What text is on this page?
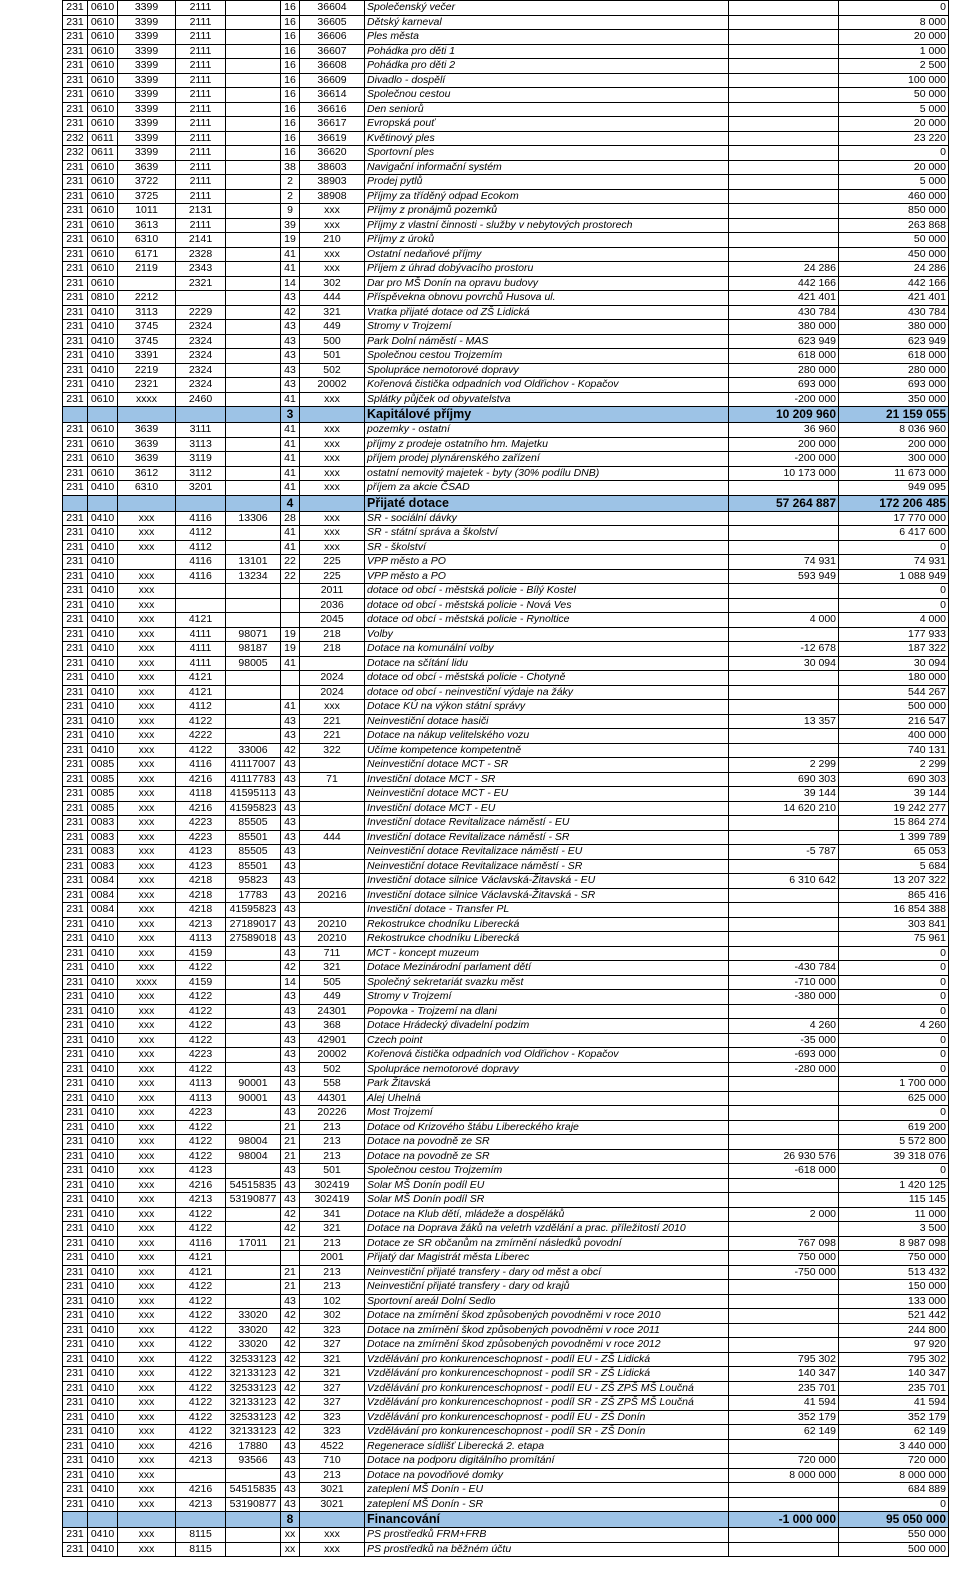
231	0610	3399	2111		16	36604	Společenský večer		0
231	0610	3399	2111		16	36605	Dětský karneval		8 000
231	0610	3399	2111		16	36606	Ples města		20 000
231	0610	3399	2111		16	36607	Pohádka pro děti 1		1 000
231	0610	3399	2111		16	36608	Pohádka pro děti 2		2 500
231	0610	3399	2111		16	36609	Divadlo - dospělí		100 000
231	0610	3399	2111		16	36614	Společnou cestou		50 000
231	0610	3399	2111		16	36616	Den seniorů		5 000
231	0610	3399	2111		16	36617	Evropská pouť		20 000
232	0611	3399	2111		16	36619	Květinový ples		23 220
232	0611	3399	2111		16	36620	Sportovní ples		0
231	0610	3639	2111		38	38603	Navigační informační systém		20 000
231	0610	3722	2111		2	38903	Prodej pytlů		5 000
231	0610	3725	2111		2	38908	Příjmy za tříděný odpad Ecokom		460 000
231	0610	1011	2131		9	xxx	Příjmy z pronájmů pozemků		850 000
231	0610	3613	2111		39	xxx	Příjmy z vlastní činnosti - služby v nebytových prostorech		263 868
231	0610	6310	2141		19	210	Příjmy z úroků		50 000
231	0610	6171	2328		41	xxx	Ostatní nedaňové příjmy		450 000
231	0610	2119	2343		41	xxx	Příjem z úhrad dobývacího prostoru	24 286	24 286
231	0610		2321		14	302	Dar pro MŠ Donín na opravu budovy	442 166	442 166
231	0810	2212			43	444	Příspěvekna obnovu povrchů Husova ul.	421 401	421 401
231	0410	3113	2229		42	321	Vratka přijaté dotace od ZŠ Lidická	430 784	430 784
231	0410	3745	2324		43	449	Stromy v Trojzemí	380 000	380 000
231	0410	3745	2324		43	500	Park Dolní náměstí - MAS	623 949	623 949
231	0410	3391	2324		43	501	Společnou cestou Trojzemím	618 000	618 000
231	0410	2219	2324		43	502	Spolupráce nemotorové dopravy	280 000	280 000
231	0410	2321	2324		43	20002	Kořenová čistička odpadních vod Oldřichov - Kopačov	693 000	693 000
231	0610	xxxx	2460		41	xxx	Splátky půjček od obyvatelstva	-200 000	350 000
					3		Kapitálové příjmy	10 209 960	21 159 055
231	0610	3639	3111		41	xxx	pozemky - ostatní	36 960	8 036 960
231	0610	3639	3113		41	xxx	příjmy z prodeje ostatního hm. Majetku	200 000	200 000
231	0610	3639	3119		41	xxx	příjem prodej plynárenského zařízení	-200 000	300 000
231	0610	3612	3112		41	xxx	ostatní nemovitý majetek - byty (30% podílu DNB)	10 173 000	11 673 000
231	0410	6310	3201		41	xxx	příjem za akcie ČSAD		949 095
					4		Přijaté dotace	57 264 887	172 206 485
231	0410	xxx	4116	13306	28	xxx	SR - sociální dávky		17 770 000
231	0410	xxx	4112		41	xxx	SR - státní správa a školství		6 417 600
231	0410	xxx	4112		41	xxx	SR - školství		0
231	0410		4116	13101	22	225	VPP město a PO	74 931	74 931
231	0410	xxx	4116	13234	22	225	VPP město a PO	593 949	1 088 949
231	0410	xxx				2011	dotace od obcí - městská policie - Bílý Kostel		0
231	0410	xxx				2036	dotace od obcí - městská policie - Nová Ves		0
231	0410	xxx	4121			2045	dotace od obcí - městská policie - Rynoltice	4 000	4 000
231	0410	xxx	4111	98071	19	218	Volby		177 933
231	0410	xxx	4111	98187	19	218	Dotace na komunální volby	-12 678	187 322
231	0410	xxx	4111	98005	41		Dotace na sčítání lidu	30 094	30 094
231	0410	xxx	4121			2024	dotace od obcí - městská policie - Chotyně		180 000
231	0410	xxx	4121			2024	dotace od obcí - neinvestiční výdaje na žáky		544 267
231	0410	xxx	4112		41	xxx	Dotace KÚ na výkon státní správy		500 000
231	0410	xxx	4122		43	221	Neinvestiční dotace hasiči	13 357	216 547
231	0410	xxx	4222		43	221	Dotace na nákup velitelského vozu		400 000
231	0410	xxx	4122	33006	42	322	Učíme kompetence kompetentně		740 131
231	0085	xxx	4116	41117007	43		Neinvestiční dotace MCT - SR	2 299	2 299
231	0085	xxx	4216	41117783	43	71	Investiční dotace MCT - SR	690 303	690 303
231	0085	xxx	4118	41595113	43		Neinvestiční dotace MCT - EU	39 144	39 144
231	0085	xxx	4216	41595823	43		Investiční dotace MCT - EU	14 620 210	19 242 277
231	0083	xxx	4223	85505	43		Investiční dotace Revitalizace náměstí - EU		15 864 274
231	0083	xxx	4223	85501	43	444	Investiční dotace Revitalizace náměstí - SR		1 399 789
231	0083	xxx	4123	85505	43		Neinvestiční dotace Revitalizace náměstí - EU	-5 787	65 053
231	0083	xxx	4123	85501	43		Neinvestiční dotace Revitalizace náměstí - SR		5 684
231	0084	xxx	4218	95823	43		Investiční dotace silnice Václavská-Žitavská - EU	6 310 642	13 207 322
231	0084	xxx	4218	17783	43	20216	Investiční dotace silnice Václavská-Žitavská - SR		865 416
231	0084	xxx	4218	41595823	43		Investiční dotace - Transfer PL		16 854 388
231	0410	xxx	4213	27189017	43	20210	Rekostrukce chodníku Liberecká		303 841
231	0410	xxx	4113	27589018	43	20210	Rekostrukce chodníku Liberecká		75 961
231	0410	xxx	4159		43	711	MCT - koncept muzeum		0
231	0410	xxx	4122		42	321	Dotace Mezinárodní parlament dětí	-430 784	0
231	0410	xxxx	4159		14	505	Společný sekretariát svazku měst	-710 000	0
231	0410	xxx	4122		43	449	Stromy v Trojzemí	-380 000	0
231	0410	xxx	4122		43	24301	Popovka - Trojzemí na dlani		0
231	0410	xxx	4122		43	368	Dotace Hrádecký divadelní podzim	4 260	4 260
231	0410	xxx	4122		43	42901	Czech point	-35 000	0
231	0410	xxx	4223		43	20002	Kořenová čistička odpadních vod Oldřichov - Kopačov	-693 000	0
231	0410	xxx	4122		43	502	Spolupráce nemotorové dopravy	-280 000	0
231	0410	xxx	4113	90001	43	558	Park Žitavská		1 700 000
231	0410	xxx	4113	90001	43	44301	Alej Uhelná		625 000
231	0410	xxx	4223		43	20226	Most Trojzemí		0
231	0410	xxx	4122		21	213	Dotace od Krizového štábu Libereckého kraje		619 200
231	0410	xxx	4122	98004	21	213	Dotace na povodně ze SR		5 572 800
231	0410	xxx	4122	98004	21	213	Dotace na povodně ze SR	26 930 576	39 318 076
231	0410	xxx	4123		43	501	Společnou cestou Trojzemím	-618 000	0
231	0410	xxx	4216	54515835	43	302419	Solar MŠ Donín podíl EU		1 420 125
231	0410	xxx	4213	53190877	43	302419	Solar MŠ Donín podíl SR		115 145
231	0410	xxx	4122		42	341	Dotace na Klub dětí, mládeže a dospěláků	2 000	11 000
231	0410	xxx	4122		42	321	Dotace na Doprava žáků na veletrh vzdělání a prac. příležitostí 2010		3 500
231	0410	xxx	4116	17011	21	213	Dotace ze SR občanům na zmírnění následků povodní	767 098	8 987 098
231	0410	xxx	4121			2001	Přijatý dar Magistrát města Liberec	750 000	750 000
231	0410	xxx	4121		21	213	Neinvestiční přijaté transfery - dary od měst a obcí	-750 000	513 432
231	0410	xxx	4122		21	213	Neinvestiční přijaté transfery - dary od krajů		150 000
231	0410	xxx	4122		43	102	Sportovní areál Dolní Sedlo		133 000
231	0410	xxx	4122	33020	42	302	Dotace na zmírnění škod způsobených povodněmi v roce 2010		521 442
231	0410	xxx	4122	33020	42	323	Dotace na zmírnění škod způsobených povodněmi v roce 2011		244 800
231	0410	xxx	4122	33020	42	327	Dotace na zmírnění škod způsobených povodněmi v roce 2012		97 920
231	0410	xxx	4122	32533123	42	321	Vzdělávání pro konkurenceschopnost - podíl EU - ZŠ Lidická	795 302	795 302
231	0410	xxx	4122	32133123	42	321	Vzdělávání pro konkurenceschopnost - podíl SR - ZŠ Lidická	140 347	140 347
231	0410	xxx	4122	32533123	42	327	Vzdělávání pro konkurenceschopnost - podíl EU - ZŠ ZPŠ MŠ Loučná	235 701	235 701
231	0410	xxx	4122	32133123	42	327	Vzdělávání pro konkurenceschopnost - podíl SR - ZŠ ZPŠ MŠ Loučná	41 594	41 594
231	0410	xxx	4122	32533123	42	323	Vzdělávání pro konkurenceschopnost - podíl EU - ZŠ Donín	352 179	352 179
231	0410	xxx	4122	32133123	42	323	Vzdělávání pro konkurenceschopnost - podíl SR - ZŠ Donín	62 149	62 149
231	0410	xxx	4216	17880	43	4522	Regenerace sídlišť Liberecká 2. etapa		3 440 000
231	0410	xxx	4213	93566	43	710	Dotace na podporu digitálního promítání	720 000	720 000
231	0410	xxx			43	213	Dotace na povodňové domky	8 000 000	8 000 000
231	0410	xxx	4216	54515835	43	3021	zateplení MŠ Donín - EU		684 889
231	0410	xxx	4213	53190877	43	3021	zateplení MŠ Donín - SR		0
					8		Financování	-1 000 000	95 050 000
231	0410	xxx	8115		xx	xxx	PS prostředků FRM+FRB		550 000
231	0410	xxx	8115		xx	xxx	PS prostředků na běžném účtu		500 000
